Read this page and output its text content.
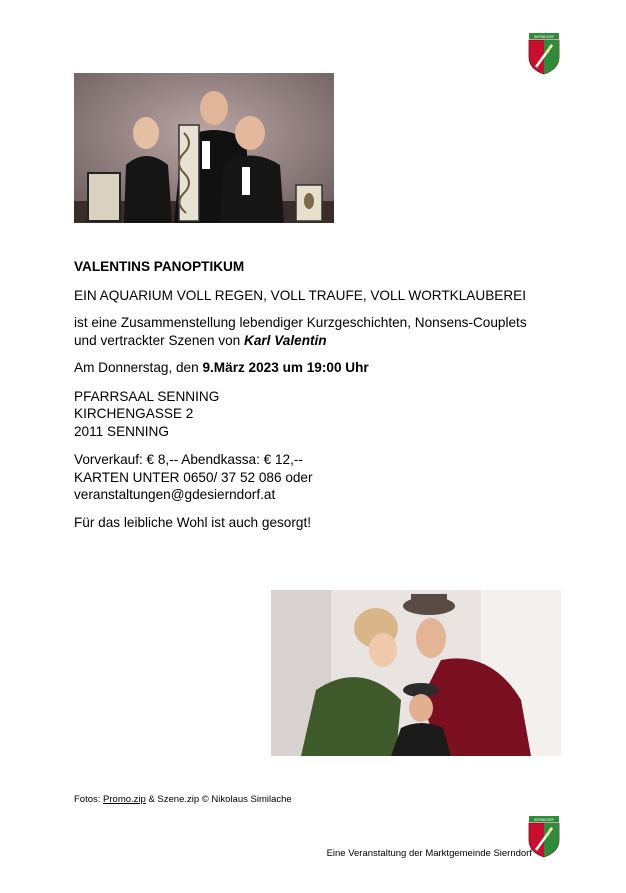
SIERNDORF

VALENTINS PANOPTIKUM

EIN AQUARIUM VOLL REGEN, VOLL TRAUFE, VOLL WORTKLAUBEREI

ist eine Zusammenstellung lebendiger Kurzgeschichten, Nonsens-Couplets und vertrackter Szenen von Karl Valentin

Am Donnerstag, den 9.März 2023 um 19:00 Uhr

PFARRSAAL SENNING
KIRCHENGASSE 2
2011 SENNING

Vorverkauf: € 8,-- Abendkassa: € 12,--
KARTEN UNTER 0650/ 37 52 086 oder
veranstaltungen@gdesierndorf.at

Für das leibliche Wohl ist auch gesorgt!

Fotos: Promo.zip & Szene.zip © Nikolaus Similache
SIERNDORF
Eine Veranstaltung der Marktgemeinde Sierndorf
